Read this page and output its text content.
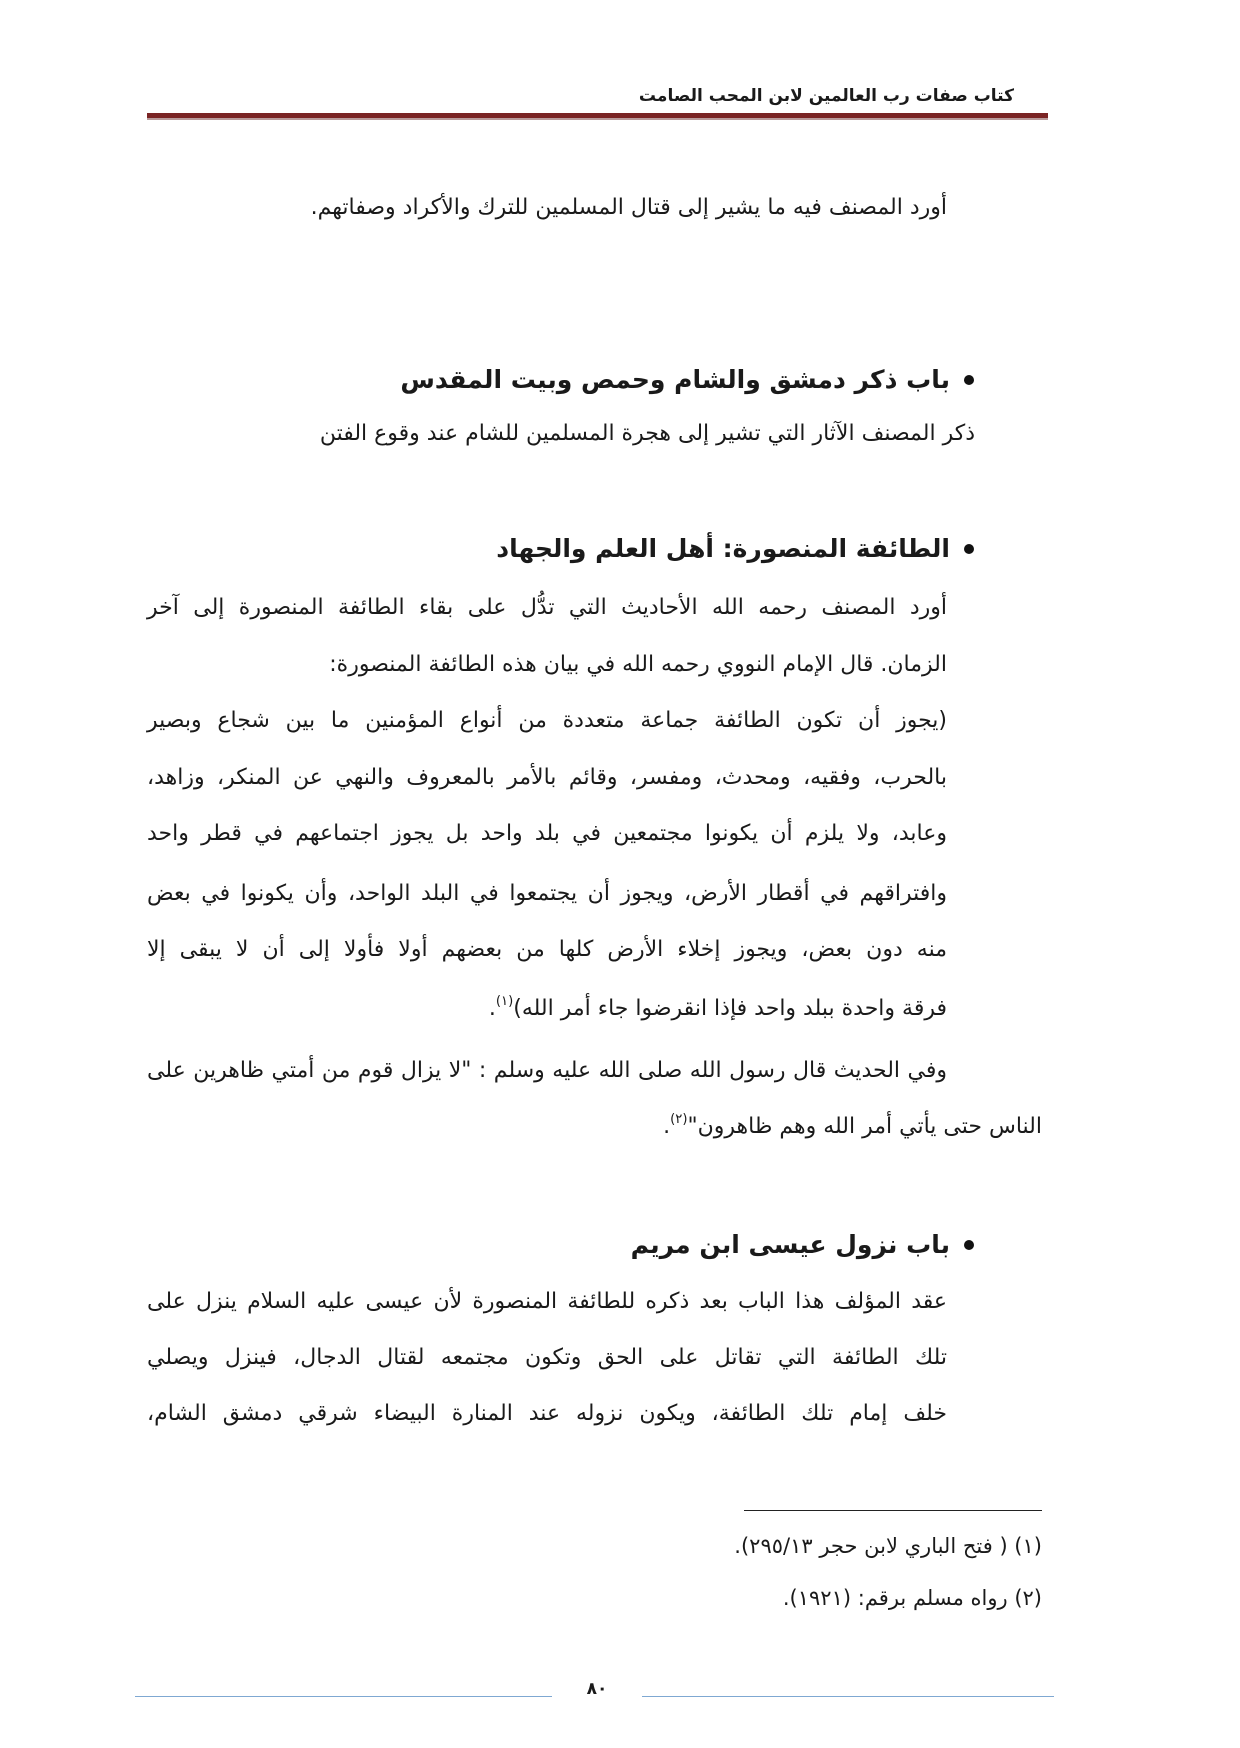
كتاب صفات رب العالمين لابن المحب الصامت
أورد المصنف فيه ما يشير إلى قتال المسلمين للترك والأكراد وصفاتهم.
باب ذكر دمشق والشام وحمص وبيت المقدس
ذكر المصنف الآثار التي تشير إلى هجرة المسلمين للشام عند وقوع الفتن
الطائفة المنصورة: أهل العلم والجهاد
أورد المصنف رحمه الله الأحاديث التي تدُّل على بقاء الطائفة المنصورة إلى آخر
الزمان. قال الإمام النووي رحمه الله في بيان هذه الطائفة المنصورة:
(يجوز أن تكون الطائفة جماعة متعددة من أنواع المؤمنين ما بين شجاع وبصير
بالحرب، وفقيه، ومحدث، ومفسر، وقائم بالأمر بالمعروف والنهي عن المنكر، وزاهد،
وعابد، ولا يلزم أن يكونوا مجتمعين في بلد واحد بل يجوز اجتماعهم في قطر واحد
وافتراقهم في أقطار الأرض، ويجوز أن يجتمعوا في البلد الواحد، وأن يكونوا في بعض
منه دون بعض، ويجوز إخلاء الأرض كلها من بعضهم أولا فأولا إلى أن لا يبقى إلا
فرقة واحدة ببلد واحد فإذا انقرضوا جاء أمر الله)$^{(١)}$.
وفي الحديث قال رسول الله صلى الله عليه وسلم : "لا يزال قوم من أمتي ظاهرين على
الناس حتى يأتي أمر الله وهم ظاهرون"$^{(٢)}$.
باب نزول عيسى ابن مريم
عقد المؤلف هذا الباب بعد ذكره للطائفة المنصورة لأن عيسى عليه السلام ينزل على
تلك الطائفة التي تقاتل على الحق وتكون مجتمعه لقتال الدجال، فينزل ويصلي
خلف إمام تلك الطائفة، ويكون نزوله عند المنارة البيضاء شرقي دمشق الشام،
(١) ( فتح الباري لابن حجر ٢٩٥/١٣).
(٢) رواه مسلم برقم: (١٩٢١).
٨٠
